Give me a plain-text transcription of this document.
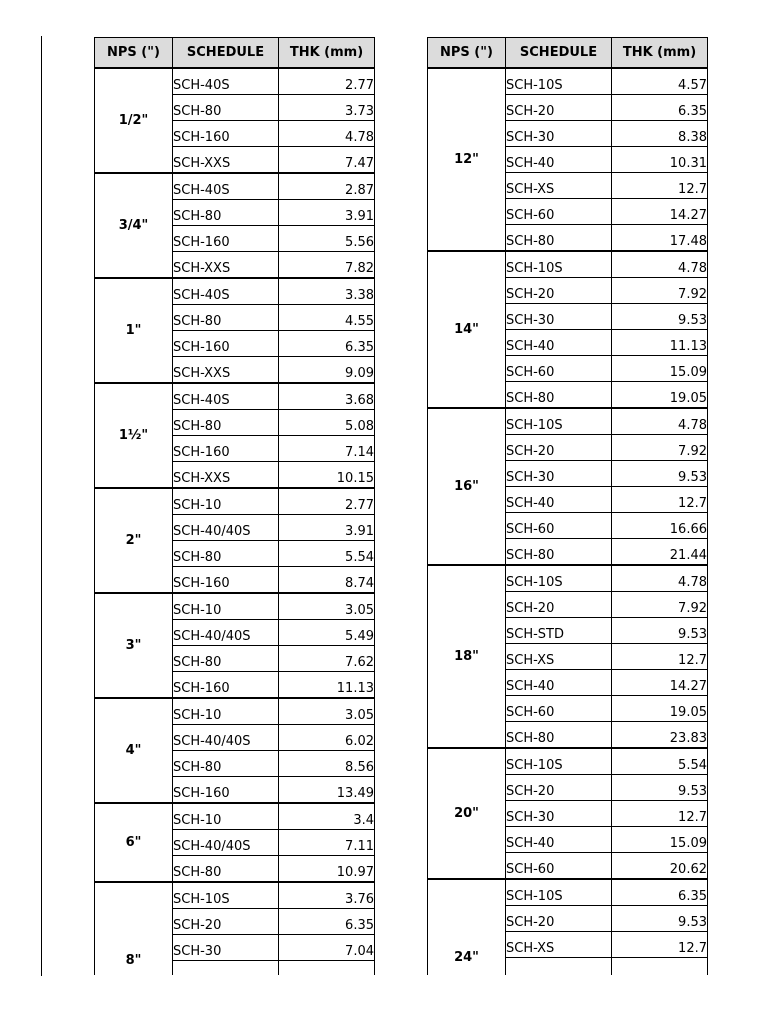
NPS (")	SCHEDULE	THK (mm)
1/2"	SCH-40S	2.77
	SCH-80	3.73
	SCH-160	4.78
	SCH-XXS	7.47
3/4"	SCH-40S	2.87
	SCH-80	3.91
	SCH-160	5.56
	SCH-XXS	7.82
1"	SCH-40S	3.38
	SCH-80	4.55
	SCH-160	6.35
	SCH-XXS	9.09
1½"	SCH-40S	3.68
	SCH-80	5.08
	SCH-160	7.14
	SCH-XXS	10.15
2"	SCH-10	2.77
	SCH-40/40S	3.91
	SCH-80	5.54
	SCH-160	8.74
3"	SCH-10	3.05
	SCH-40/40S	5.49
	SCH-80	7.62
	SCH-160	11.13
4"	SCH-10	3.05
	SCH-40/40S	6.02
	SCH-80	8.56
	SCH-160	13.49
6"	SCH-10	3.4
	SCH-40/40S	7.11
	SCH-80	10.97
8"	SCH-10S	3.76
	SCH-20	6.35
	SCH-30	7.04

NPS (")	SCHEDULE	THK (mm)
12"	SCH-10S	4.57
	SCH-20	6.35
	SCH-30	8.38
	SCH-40	10.31
	SCH-XS	12.7
	SCH-60	14.27
	SCH-80	17.48
14"	SCH-10S	4.78
	SCH-20	7.92
	SCH-30	9.53
	SCH-40	11.13
	SCH-60	15.09
	SCH-80	19.05
16"	SCH-10S	4.78
	SCH-20	7.92
	SCH-30	9.53
	SCH-40	12.7
	SCH-60	16.66
	SCH-80	21.44
18"	SCH-10S	4.78
	SCH-20	7.92
	SCH-STD	9.53
	SCH-XS	12.7
	SCH-40	14.27
	SCH-60	19.05
	SCH-80	23.83
20"	SCH-10S	5.54
	SCH-20	9.53
	SCH-30	12.7
	SCH-40	15.09
	SCH-60	20.62
24"	SCH-10S	6.35
	SCH-20	9.53
	SCH-XS	12.7
